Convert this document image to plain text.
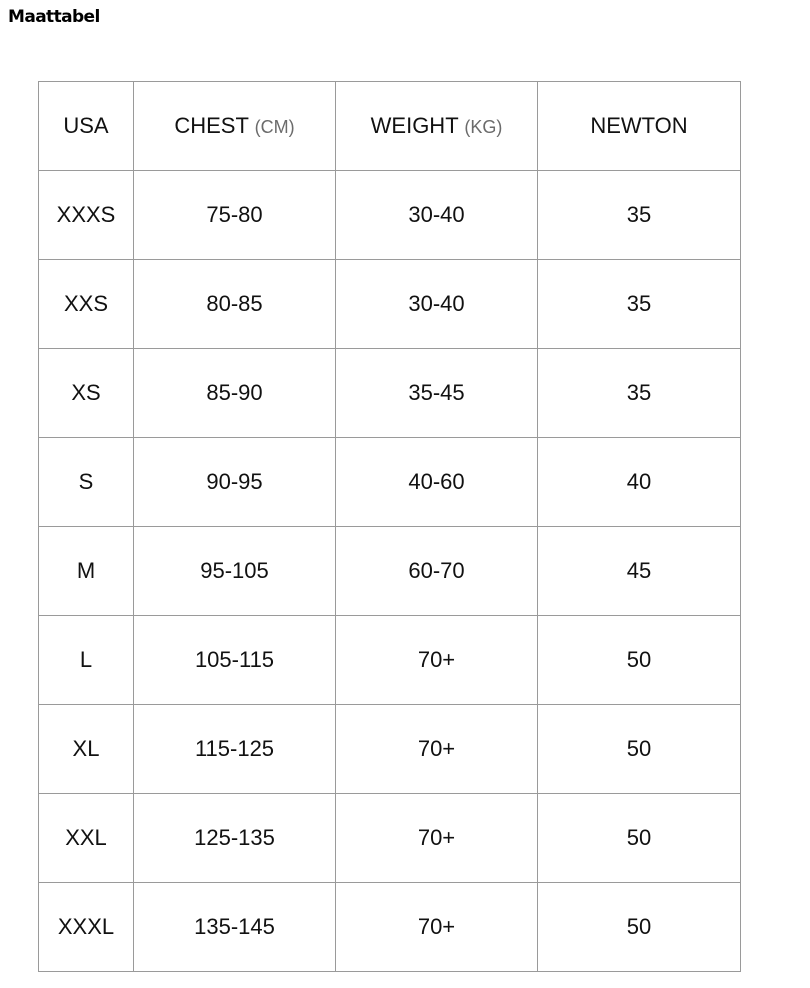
Maattabel
USA	CHEST (CM)	WEIGHT (KG)	NEWTON
XXXS	75-80	30-40	35
XXS	80-85	30-40	35
XS	85-90	35-45	35
S	90-95	40-60	40
M	95-105	60-70	45
L	105-115	70+	50
XL	115-125	70+	50
XXL	125-135	70+	50
XXXL	135-145	70+	50
